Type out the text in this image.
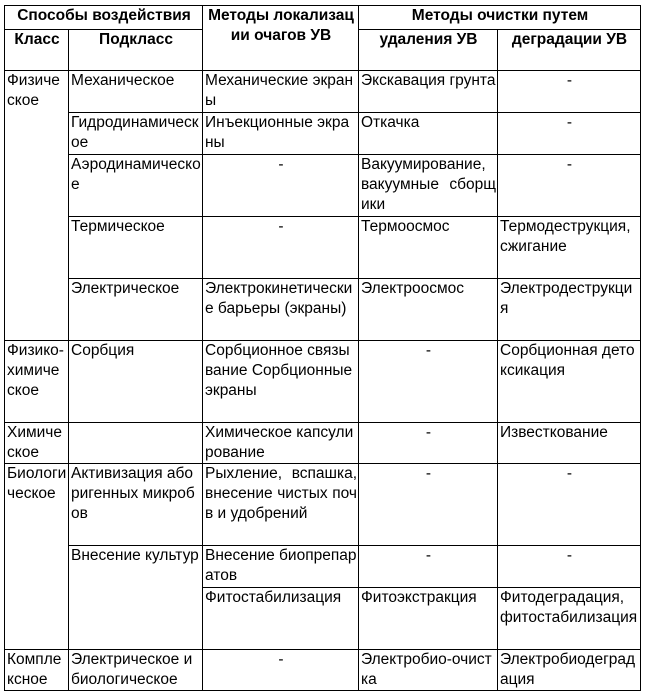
Способы воздействия		Методы локализации очагов УВ	Методы очистки путем	
Класс	Подкласс		удаления УВ	деградации УВ
Физическое	Механическое	Механические экраны	Экскавация грунта	-
	Гидродинамическое	Инъекционные экраны	Откачка	-
	Аэродинамическое	-	Вакуумирование, вакуумные сборщики	-
	Термическое	-	Термоосмос	Термодеструкция, сжигание
	Электрическое	Электрокинетические барьеры (экраны)	Электроосмос	Электродеструкция
Физико-химическое	Сорбция	Сорбционное связывание Сорбционные экраны	-	Сорбционная детоксикация
Химическое		Химическое капсулирование	-	Известкование
Биологическое	Активизация аборигенных микробов	Рыхление, вспашка, внесение чистых почв и удобрений	-	-
	Внесение культур	Внесение биопрепаратов	-	-
		Фитостабилизация	Фитоэкстракция	Фитодеградация, фитостабилизация
Комплексное	Электрическое и биологическое	-	Электробио-очистка	Электробиодеградация
